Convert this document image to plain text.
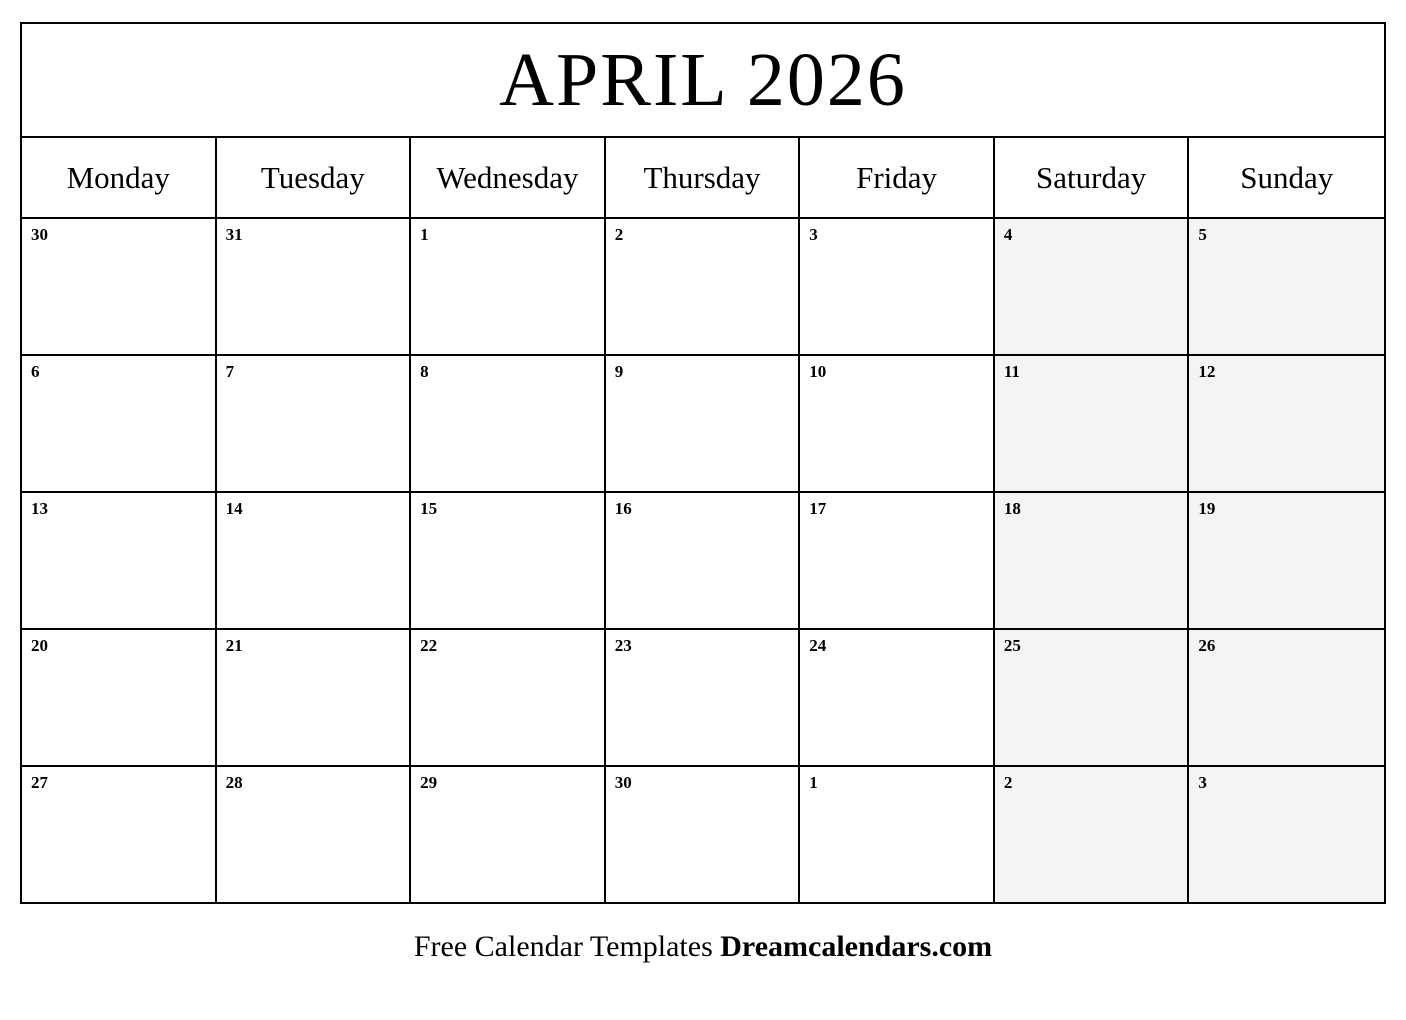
APRIL 2026
Monday	Tuesday	Wednesday	Thursday	Friday	Saturday	Sunday
30	31	1	2	3	4	5
6	7	8	9	10	11	12
13	14	15	16	17	18	19
20	21	22	23	24	25	26
27	28	29	30	1	2	3
Free Calendar Templates Dreamcalendars.com
